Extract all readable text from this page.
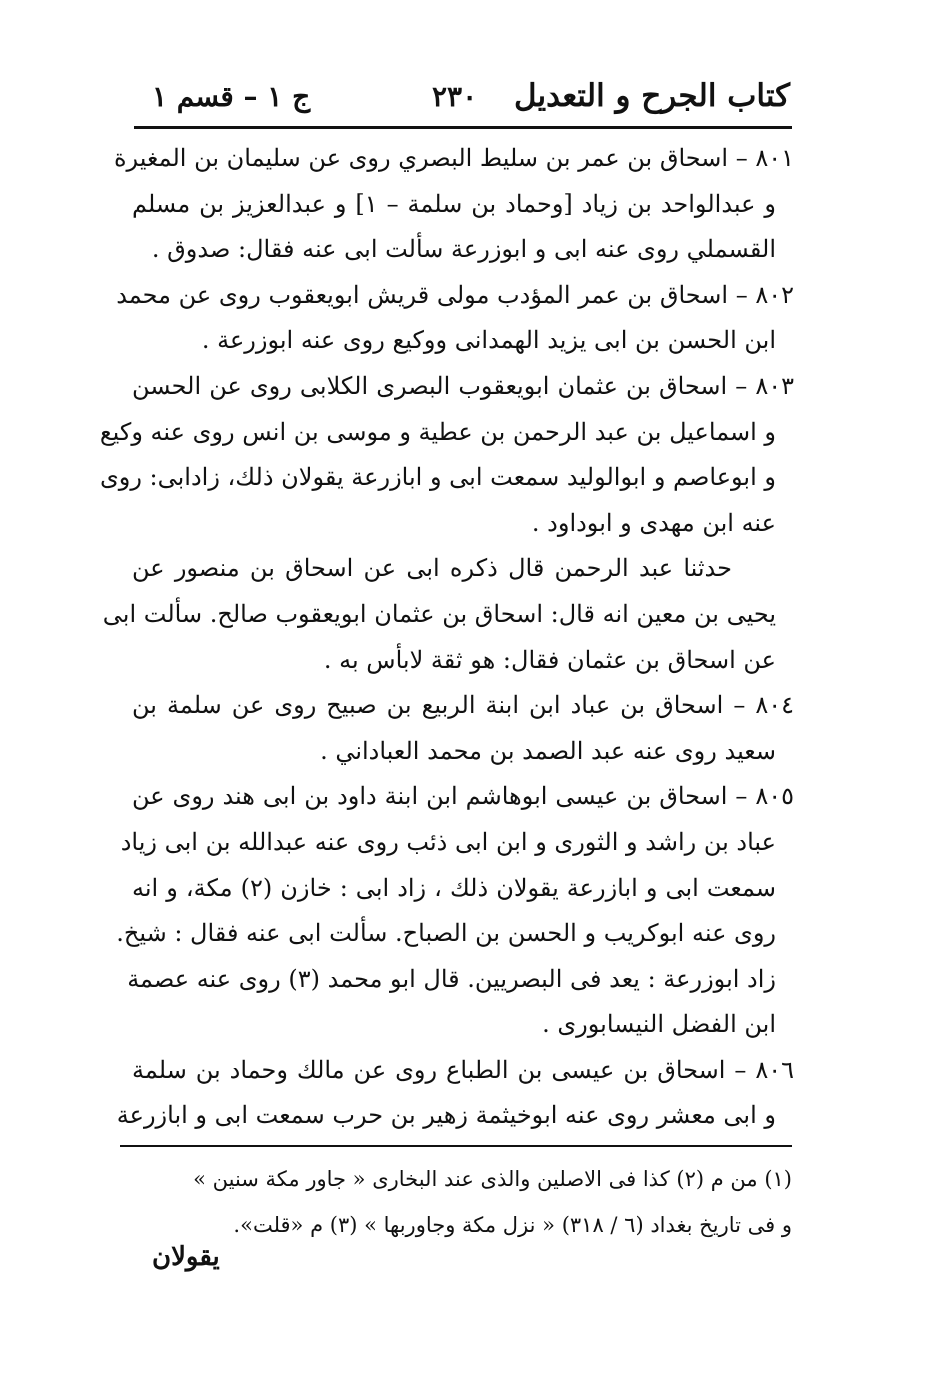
كتاب الجرح و التعديل
٢٣٠
ج ١ – قسم ١
٨٠١ – اسحاق بن عمر بن سليط البصري روى عن سليمان بن المغيرة
و عبدالواحد بن زياد [وحماد بن سلمة – ١] و عبدالعزيز بن مسلم
القسملي روى عنه ابى و ابوزرعة سألت ابى عنه فقال: صدوق .
٨٠٢ – اسحاق بن عمر المؤدب مولى قريش ابويعقوب روى عن محمد
ابن الحسن بن ابى يزيد الهمدانى ووكيع روى عنه ابوزرعة .
٨٠٣ – اسحاق بن عثمان ابويعقوب البصرى الكلابى روى عن الحسن
و اسماعيل بن عبد الرحمن بن عطية و موسى بن انس روى عنه وكيع
و ابوعاصم و ابوالوليد سمعت ابى و ابازرعة يقولان ذلك، زادابى: روى
عنه ابن مهدى و ابوداود .
حدثنا عبد الرحمن قال ذكره ابى عن اسحاق بن منصور عن
يحيى بن معين انه قال: اسحاق بن عثمان ابويعقوب صالح. سألت ابى
عن اسحاق بن عثمان فقال: هو ثقة لابأس به .
٨٠٤ – اسحاق بن عباد ابن ابنة الربيع بن صبيح روى عن سلمة بن
سعيد روى عنه عبد الصمد بن محمد العباداني .
٨٠٥ – اسحاق بن عيسى ابوهاشم ابن ابنة داود بن ابى هند روى عن
عباد بن راشد و الثورى و ابن ابى ذئب روى عنه عبدالله بن ابى زياد
سمعت ابى و ابازرعة يقولان ذلك ، زاد ابى : خازن (٢) مكة، و انه
روى عنه ابوكريب و الحسن بن الصباح. سألت ابى عنه فقال : شيخ.
زاد ابوزرعة : يعد فى البصريين. قال ابو محمد (٣) روى عنه عصمة
ابن الفضل النيسابورى .
٨٠٦ – اسحاق بن عيسى بن الطباع روى عن مالك وحماد بن سلمة
و ابى معشر روى عنه ابوخيثمة زهير بن حرب سمعت ابى و ابازرعة
(١) من م (٢) كذا فى الاصلين والذى عند البخارى « جاور مكة سنين »
و فى تاريخ بغداد (٦ / ٣١٨) « نزل مكة وجاوربها » (٣) م «قلت».
يقولان
